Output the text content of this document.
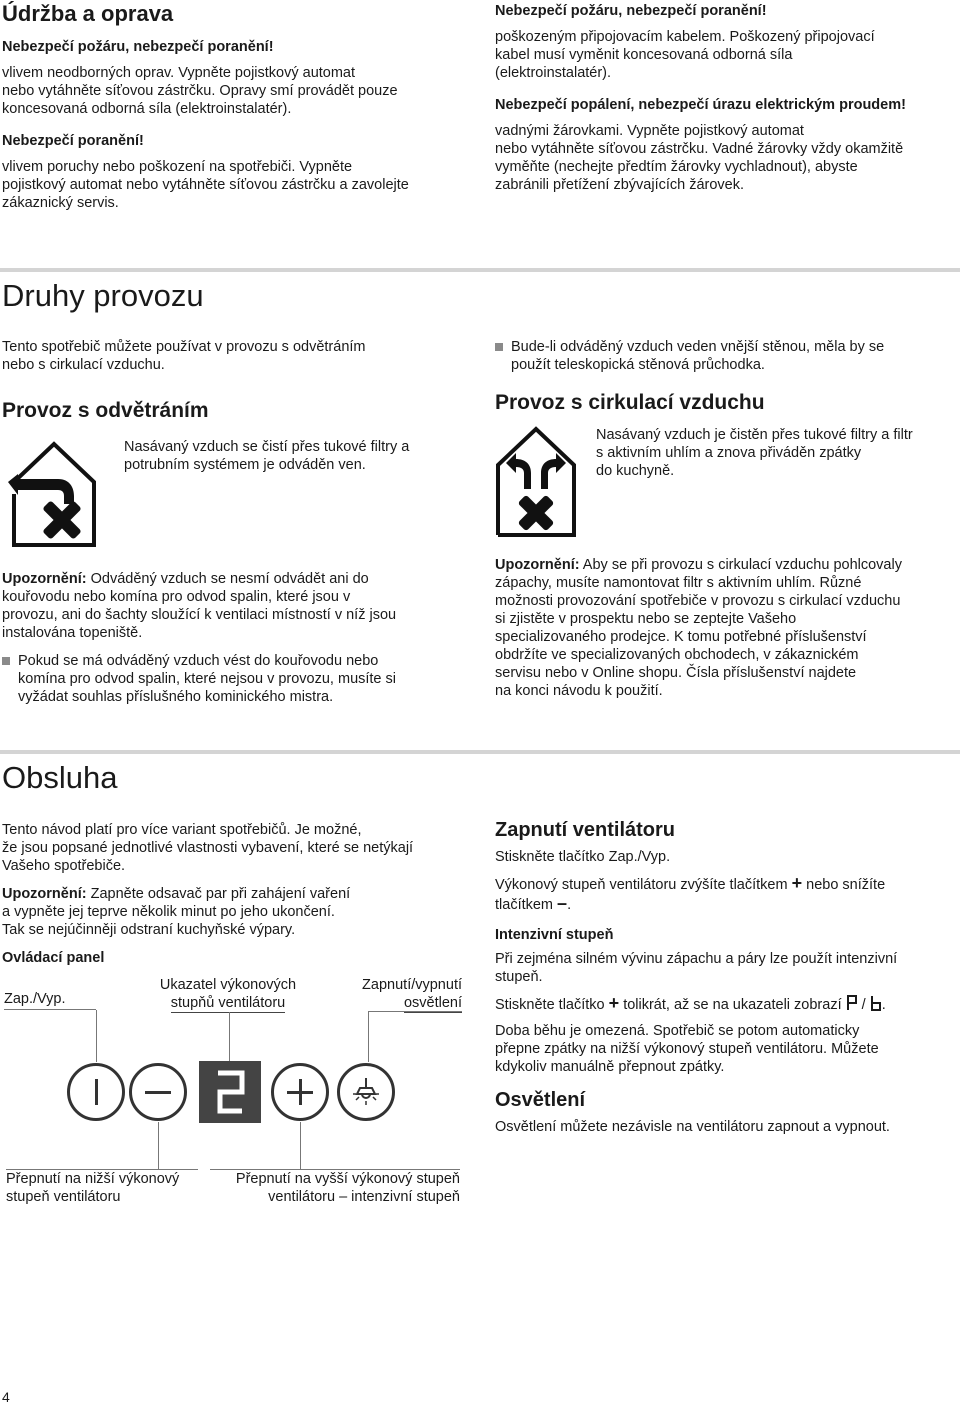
Údržba a oprava

Nebezpečí požáru, nebezpečí poranění!

vlivem neodborných oprav. Vypněte pojistkový automat

nebo vytáhněte síťovou zástrčku. Opravy smí provádět pouze

koncesovaná odborná síla (elektroinstalatér).

Nebezpečí poranění!

vlivem poruchy nebo poškození na spotřebiči. Vypněte

pojistkový automat nebo vytáhněte síťovou zástrčku a zavolejte

zákaznický servis.

Nebezpečí požáru, nebezpečí poranění!

poškozeným připojovacím kabelem. Poškozený připojovací

kabel musí vyměnit koncesovaná odborná síla

(elektroinstalatér).

Nebezpečí popálení, nebezpečí úrazu elektrickým proudem!

vadnými žárovkami. Vypněte pojistkový automat

nebo vytáhněte síťovou zástrčku. Vadné žárovky vždy okamžitě

vyměňte (nechejte předtím žárovky vychladnout), abyste

zabránili přetížení zbývajících žárovek.

Druhy provozu

Tento spotřebič můžete používat v provozu s odvětráním

nebo s cirkulací vzduchu.

Bude-li odváděný vzduch veden vnější stěnou, měla by se

použít teleskopická stěnová průchodka.

Provoz s odvětráním	Provoz s cirkulací vzduchu

Nasávaný vzduch se čistí přes tukové filtry a

potrubním systémem je odváděn ven.

Nasávaný vzduch je čistěn přes tukové filtry a filtr

s aktivním uhlím a znova přiváděn zpátky

do kuchyně.

Upozornění: Odváděný vzduch se nesmí odvádět ani do

kouřovodu nebo komína pro odvod spalin, které jsou v

provozu, ani do šachty sloužící k ventilaci místností v níž jsou

instalována topeniště.

Pokud se má odváděný vzduch vést do kouřovodu nebo

komína pro odvod spalin, které nejsou v provozu, musíte si

vyžádat souhlas příslušného kominického mistra.

Upozornění: Aby se při provozu s cirkulací vzduchu pohlcovaly

zápachy, musíte namontovat filtr s aktivním uhlím. Různé

možnosti provozování spotřebiče v provozu s cirkulací vzduchu

si zjistěte v prospektu nebo se zeptejte Vašeho

specializovaného prodejce. K tomu potřebné příslušenství

obdržíte ve specializovaných obchodech, v zákaznickém

servisu nebo v Online shopu. Čísla příslušenství najdete

na konci návodu k použití.

Obsluha

Tento návod platí pro více variant spotřebičů. Je možné,

že jsou popsané jednotlivé vlastnosti vybavení, které se netýkají

Vašeho spotřebiče.

Upozornění: Zapněte odsavač par při zahájení vaření

a vypněte jej teprve několik minut po jeho ukončení.

Tak se nejúčinněji odstraní kuchyňské výpary.

Ovládací panel

Zap./Vyp.

Ukazatel výkonových

stupňů ventilátoru

Zapnutí/vypnutí

osvětlení

Přepnutí na nižší výkonový

stupeň ventilátoru

Přepnutí na vyšší výkonový stupeň

ventilátoru – intenzivní stupeň

Zapnutí ventilátoru

Stiskněte tlačítko Zap./Vyp.

Výkonový stupeň ventilátoru zvýšíte tlačítkem + nebo snížíte

tlačítkem –.

Intenzivní stupeň

Při zejména silném vývinu zápachu a páry lze použít intenzivní

stupeň.

Stiskněte tlačítko + tolikrát, až se na ukazateli zobrazí / .

Doba běhu je omezená. Spotřebič se potom automaticky

přepne zpátky na nižší výkonový stupeň ventilátoru. Můžete

kdykoliv manuálně přepnout zpátky.

Osvětlení

Osvětlení můžete nezávisle na ventilátoru zapnout a vypnout.

4
